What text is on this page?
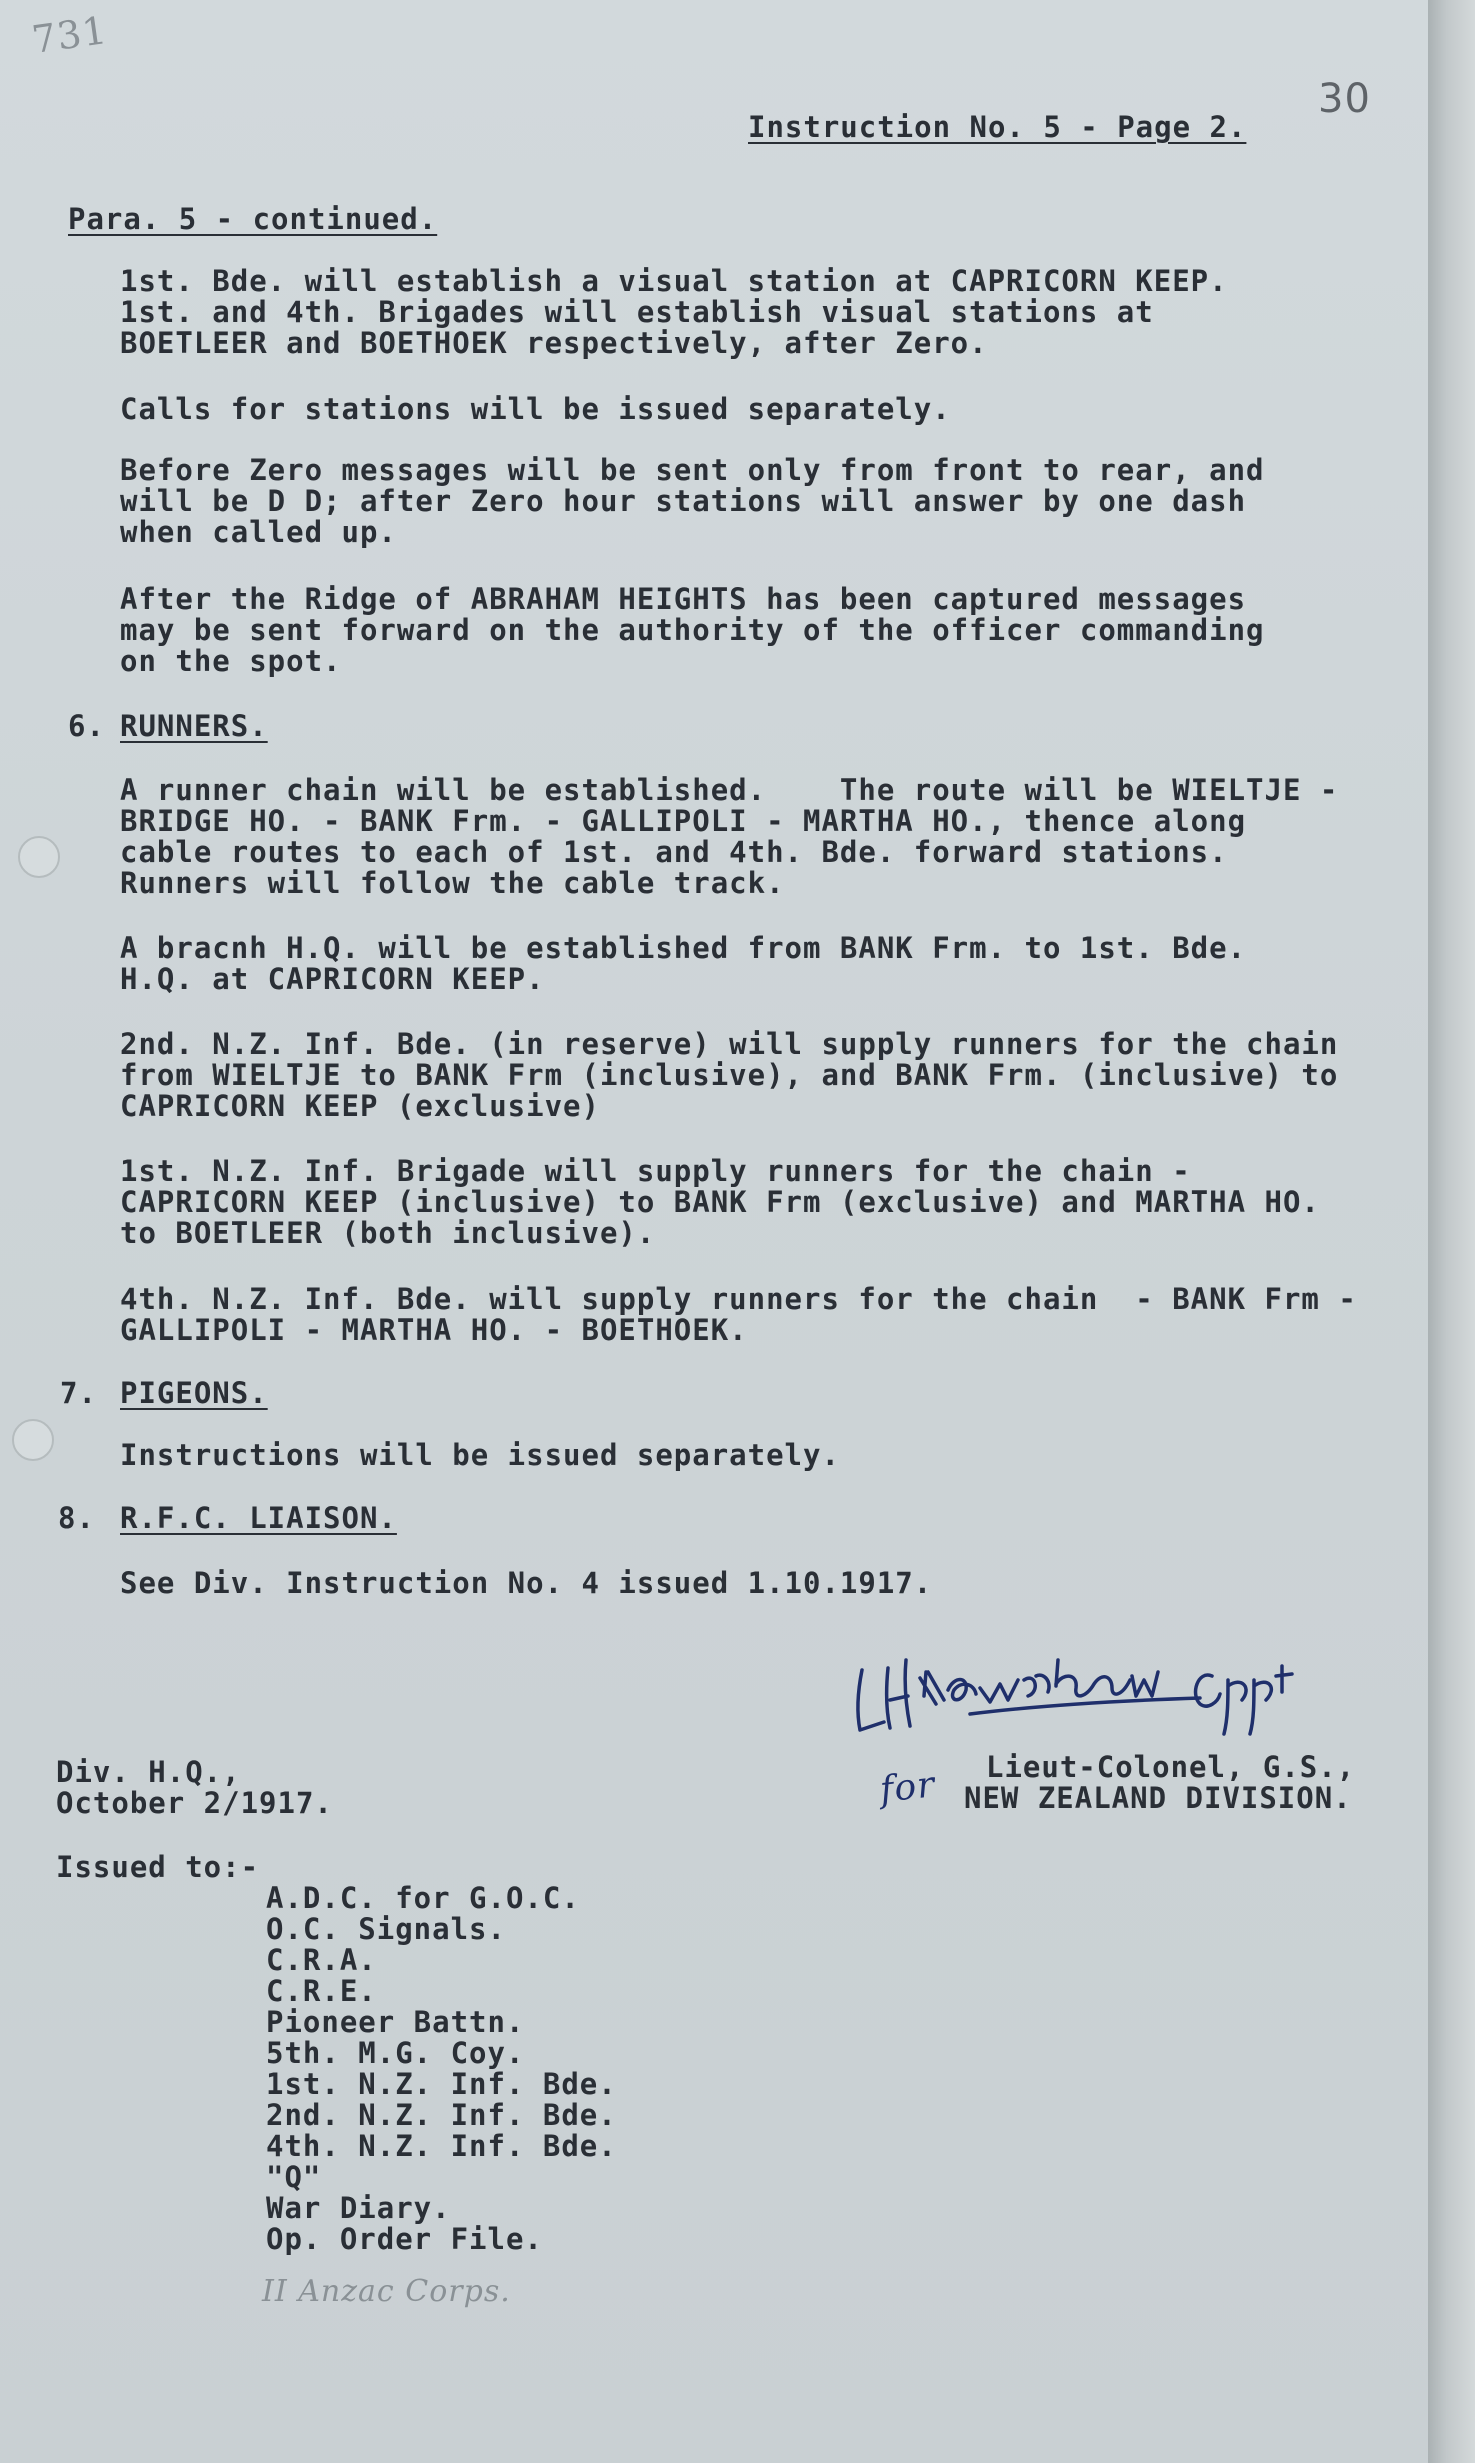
731
30
Instruction No. 5 - Page 2.
Para. 5 - continued.
1st. Bde. will establish a visual station at CAPRICORN KEEP.
1st. and 4th. Brigades will establish visual stations at
BOETLEER and BOETHOEK respectively, after Zero.
Calls for stations will be issued separately.
Before Zero messages will be sent only from front to rear, and
will be D D; after Zero hour stations will answer by one dash
when called up.
After the Ridge of ABRAHAM HEIGHTS has been captured messages
may be sent forward on the authority of the officer commanding
on the spot.
6. RUNNERS.
A runner chain will be established.    The route will be WIELTJE -
BRIDGE HO. - BANK Frm. - GALLIPOLI - MARTHA HO., thence along
cable routes to each of 1st. and 4th. Bde. forward stations.
Runners will follow the cable track.
A bracnh H.Q. will be established from BANK Frm. to 1st. Bde.
H.Q. at CAPRICORN KEEP.
2nd. N.Z. Inf. Bde. (in reserve) will supply runners for the chain
from WIELTJE to BANK Frm (inclusive), and BANK Frm. (inclusive) to
CAPRICORN KEEP (exclusive)
1st. N.Z. Inf. Brigade will supply runners for the chain -
CAPRICORN KEEP (inclusive) to BANK Frm (exclusive) and MARTHA HO.
to BOETLEER (both inclusive).
4th. N.Z. Inf. Bde. will supply runners for the chain  - BANK Frm -
GALLIPOLI - MARTHA HO. - BOETHOEK.
7. PIGEONS.
Instructions will be issued separately.
8. R.F.C. LIAISON.
See Div. Instruction No. 4 issued 1.10.1917.
L H Hawthorne Capt
for Lieut-Colonel, G.S.,
NEW ZEALAND DIVISION.
Div. H.Q.,
October 2/1917.
Issued to:-
A.D.C. for G.O.C.
O.C. Signals.
C.R.A.
C.R.E.
Pioneer Battn.
5th. M.G. Coy.
1st. N.Z. Inf. Bde.
2nd. N.Z. Inf. Bde.
4th. N.Z. Inf. Bde.
"Q"
War Diary.
Op. Order File.
II Anzac Corps.
